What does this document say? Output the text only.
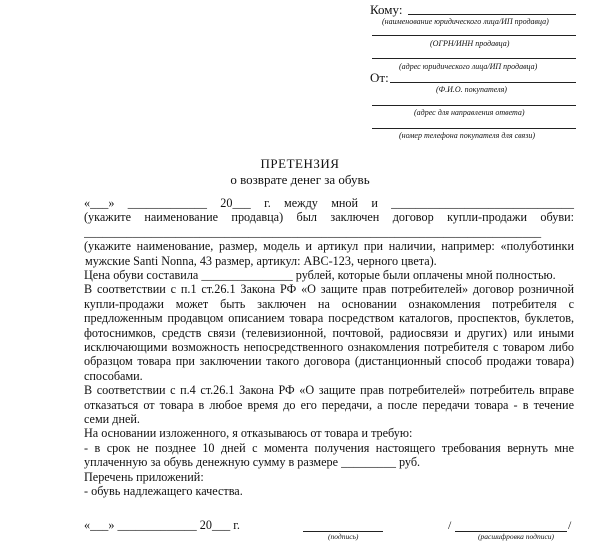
Кому:
(наименование юридического лица/ИП продавца)
(ОГРН/ИНН продавца)
(адрес юридического лица/ИП продавца)
От:
(Ф.И.О. покупателя)
(адрес для направления ответа)
(номер телефона покупателя для связи)
ПРЕТЕНЗИЯ
о возврате денег за обувь
«___» _____________ 20___ г. между мной и ______________________________
(укажите наименование продавца) был заключен договор купли-продажи обуви: ___________________________________________________________________________
(укажите наименование, размер, модель и артикул при наличии, например: «полуботинки
мужские Santi Nonna, 43 размер, артикул: ABC-123, черного цвета).
Цена обуви составила _______________ рублей, которые были оплачены мной полностью.
В соответствии с п.1 ст.26.1 Закона РФ «О защите прав потребителей» договор розничной
купли-продажи может быть заключен на основании ознакомления потребителя с
предложенным продавцом описанием товара посредством каталогов, проспектов, буклетов,
фотоснимков, средств связи (телевизионной, почтовой, радиосвязи и других) или иными
исключающими возможность непосредственного ознакомления потребителя с товаром либо
образцом товара при заключении такого договора (дистанционный способ продажи товара)
способами.
В соответствии с п.4 ст.26.1 Закона РФ «О защите прав потребителей» потребитель вправе
отказаться от товара в любое время до его передачи, а после передачи товара - в течение
семи дней.
На основании изложенного, я отказываюсь от товара и требую:
- в срок не позднее 10 дней с момента получения настоящего требования вернуть мне
уплаченную за обувь денежную сумму в размере _________ руб.
Перечень приложений:
- обувь надлежащего качества.
«___» _____________ 20___ г.
(подпись)
/	/
(расшифровка подписи)
